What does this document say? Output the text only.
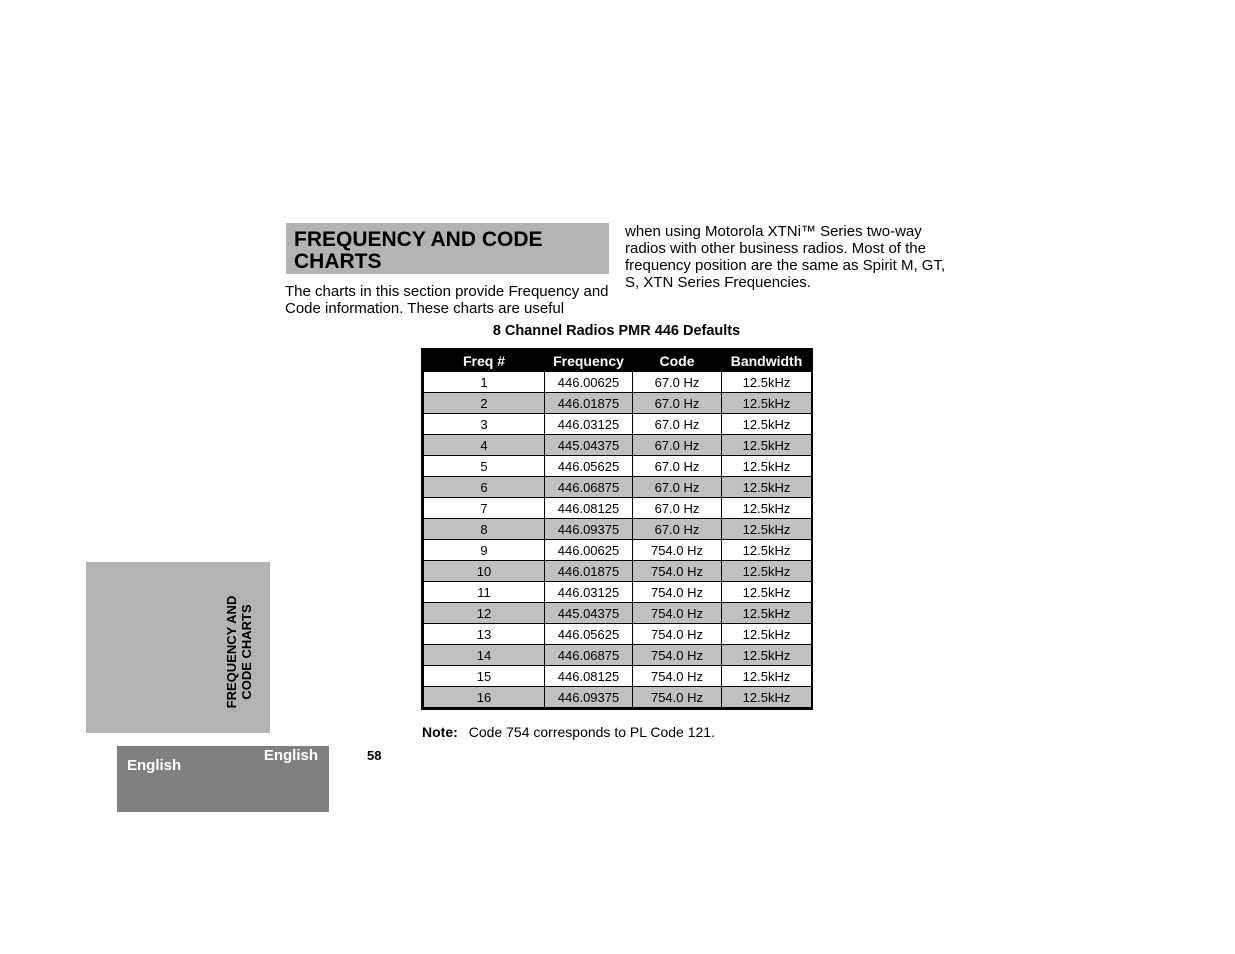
FREQUENCY AND CODE CHARTS
The charts in this section provide Frequency and Code information. These charts are useful
when using Motorola XTNi™ Series two-way radios with other business radios. Most of the frequency position are the same as Spirit M, GT, S, XTN Series Frequencies.
8 Channel Radios PMR 446 Defaults
Freq #	Frequency	Code	Bandwidth
1	446.00625	67.0 Hz	12.5kHz
2	446.01875	67.0 Hz	12.5kHz
3	446.03125	67.0 Hz	12.5kHz
4	445.04375	67.0 Hz	12.5kHz
5	446.05625	67.0 Hz	12.5kHz
6	446.06875	67.0 Hz	12.5kHz
7	446.08125	67.0 Hz	12.5kHz
8	446.09375	67.0 Hz	12.5kHz
9	446.00625	754.0 Hz	12.5kHz
10	446.01875	754.0 Hz	12.5kHz
11	446.03125	754.0 Hz	12.5kHz
12	445.04375	754.0 Hz	12.5kHz
13	446.05625	754.0 Hz	12.5kHz
14	446.06875	754.0 Hz	12.5kHz
15	446.08125	754.0 Hz	12.5kHz
16	446.09375	754.0 Hz	12.5kHz
Note: Code 754 corresponds to PL Code 121.
FREQUENCY AND CODE CHARTS
English
English	58
